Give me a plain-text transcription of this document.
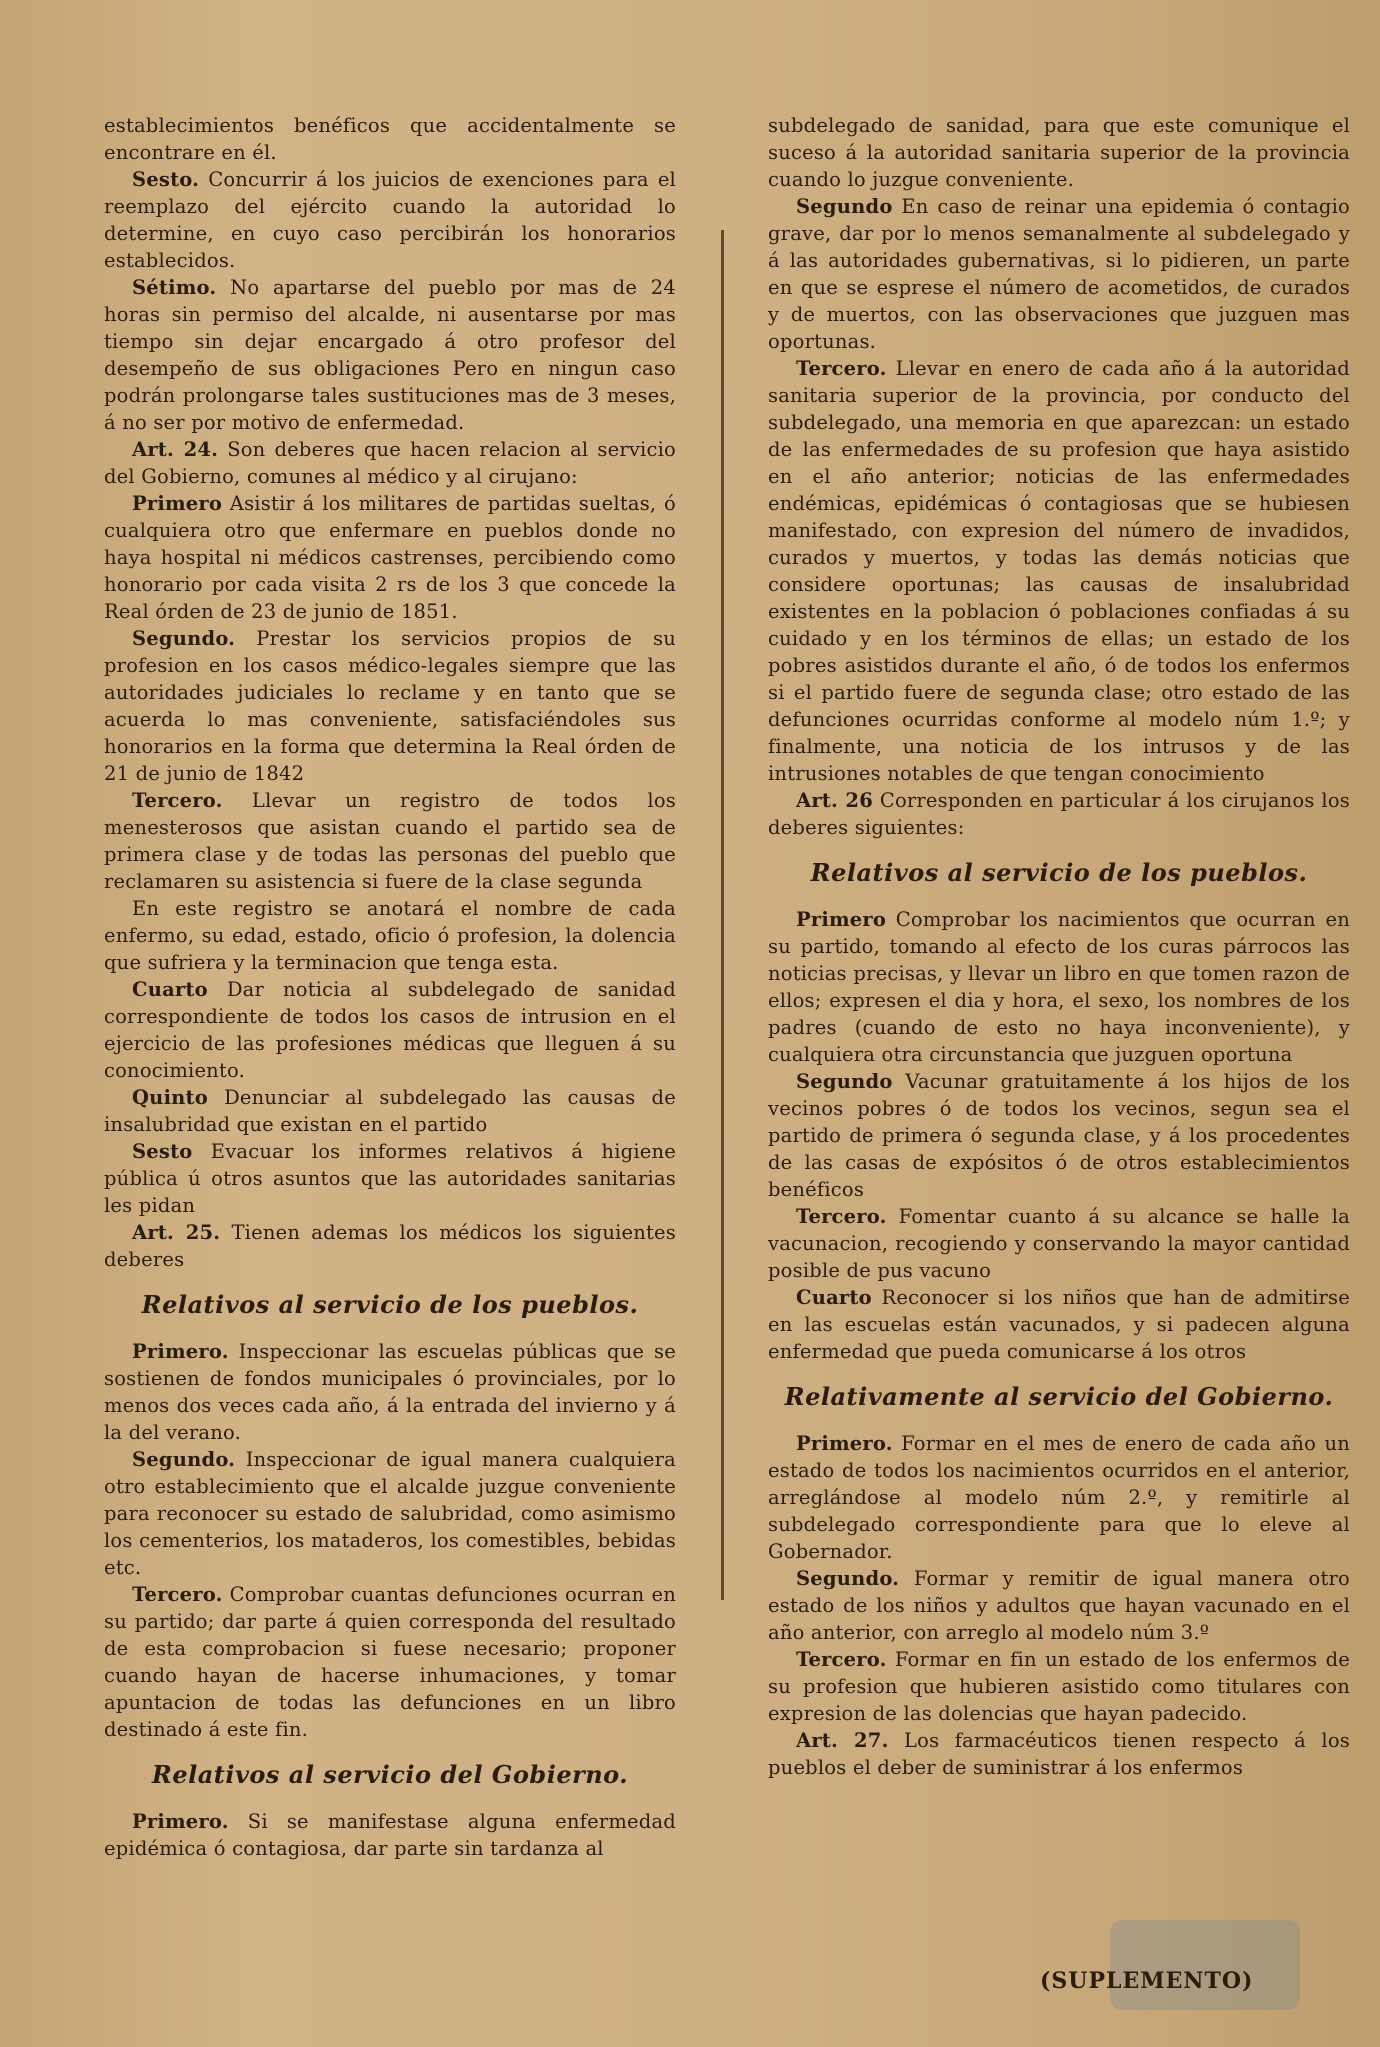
establecimientos benéficos que accidentalmente se encontrare en él.

Sesto. Concurrir á los juicios de exenciones para el reemplazo del ejército cuando la autoridad lo determine, en cuyo caso percibirán los honorarios establecidos.

Sétimo. No apartarse del pueblo por mas de 24 horas sin permiso del alcalde, ni ausentarse por mas tiempo sin dejar encargado á otro profesor del desempeño de sus obligaciones Pero en ningun caso podrán prolongarse tales sustituciones mas de 3 meses, á no ser por motivo de enfermedad.

Art. 24. Son deberes que hacen relacion al servicio del Gobierno, comunes al médico y al cirujano:

Primero Asistir á los militares de partidas sueltas, ó cualquiera otro que enfermare en pueblos donde no haya hospital ni médicos castrenses, percibiendo como honorario por cada visita 2 rs de los 3 que concede la Real órden de 23 de junio de 1851.

Segundo. Prestar los servicios propios de su profesion en los casos médico-legales siempre que las autoridades judiciales lo reclame y en tanto que se acuerda lo mas conveniente, satisfaciéndoles sus honorarios en la forma que determina la Real órden de 21 de junio de 1842

Tercero. Llevar un registro de todos los menesterosos que asistan cuando el partido sea de primera clase y de todas las personas del pueblo que reclamaren su asistencia si fuere de la clase segunda

En este registro se anotará el nombre de cada enfermo, su edad, estado, oficio ó profesion, la dolencia que sufriera y la terminacion que tenga esta.

Cuarto Dar noticia al subdelegado de sanidad correspondiente de todos los casos de intrusion en el ejercicio de las profesiones médicas que lleguen á su conocimiento.

Quinto Denunciar al subdelegado las causas de insalubridad que existan en el partido

Sesto Evacuar los informes relativos á higiene pública ú otros asuntos que las autoridades sanitarias les pidan

Art. 25. Tienen ademas los médicos los siguientes deberes

Relativos al servicio de los pueblos.

Primero. Inspeccionar las escuelas públicas que se sostienen de fondos municipales ó provinciales, por lo menos dos veces cada año, á la entrada del invierno y á la del verano.

Segundo. Inspeccionar de igual manera cualquiera otro establecimiento que el alcalde juzgue conveniente para reconocer su estado de salubridad, como asimismo los cementerios, los mataderos, los comestibles, bebidas etc.

Tercero. Comprobar cuantas defunciones ocurran en su partido; dar parte á quien corresponda del resultado de esta comprobacion si fuese necesario; proponer cuando hayan de hacerse inhumaciones, y tomar apuntacion de todas las defunciones en un libro destinado á este fin.

Relativos al servicio del Gobierno.

Primero. Si se manifestase alguna enfermedad epidémica ó contagiosa, dar parte sin tardanza al

subdelegado de sanidad, para que este comunique el suceso á la autoridad sanitaria superior de la provincia cuando lo juzgue conveniente.

Segundo En caso de reinar una epidemia ó contagio grave, dar por lo menos semanalmente al subdelegado y á las autoridades gubernativas, si lo pidieren, un parte en que se esprese el número de acometidos, de curados y de muertos, con las observaciones que juzguen mas oportunas.

Tercero. Llevar en enero de cada año á la autoridad sanitaria superior de la provincia, por conducto del subdelegado, una memoria en que aparezcan: un estado de las enfermedades de su profesion que haya asistido en el año anterior; noticias de las enfermedades endémicas, epidémicas ó contagiosas que se hubiesen manifestado, con expresion del número de invadidos, curados y muertos, y todas las demás noticias que considere oportunas; las causas de insalubridad existentes en la poblacion ó poblaciones confiadas á su cuidado y en los términos de ellas; un estado de los pobres asistidos durante el año, ó de todos los enfermos si el partido fuere de segunda clase; otro estado de las defunciones ocurridas conforme al modelo núm 1.º; y finalmente, una noticia de los intrusos y de las intrusiones notables de que tengan conocimiento

Art. 26 Corresponden en particular á los cirujanos los deberes siguientes:

Relativos al servicio de los pueblos.

Primero Comprobar los nacimientos que ocurran en su partido, tomando al efecto de los curas párrocos las noticias precisas, y llevar un libro en que tomen razon de ellos; expresen el dia y hora, el sexo, los nombres de los padres (cuando de esto no haya inconveniente), y cualquiera otra circunstancia que juzguen oportuna

Segundo Vacunar gratuitamente á los hijos de los vecinos pobres ó de todos los vecinos, segun sea el partido de primera ó segunda clase, y á los procedentes de las casas de expósitos ó de otros establecimientos benéficos

Tercero. Fomentar cuanto á su alcance se halle la vacunacion, recogiendo y conservando la mayor cantidad posible de pus vacuno

Cuarto Reconocer si los niños que han de admitirse en las escuelas están vacunados, y si padecen alguna enfermedad que pueda comunicarse á los otros

Relativamente al servicio del Gobierno.

Primero. Formar en el mes de enero de cada año un estado de todos los nacimientos ocurridos en el anterior, arreglándose al modelo núm 2.º, y remitirle al subdelegado correspondiente para que lo eleve al Gobernador.

Segundo. Formar y remitir de igual manera otro estado de los niños y adultos que hayan vacunado en el año anterior, con arreglo al modelo núm 3.º

Tercero. Formar en fin un estado de los enfermos de su profesion que hubieren asistido como titulares con expresion de las dolencias que hayan padecido.

Art. 27. Los farmacéuticos tienen respecto á los pueblos el deber de suministrar á los enfermos

(SUPLEMENTO)
